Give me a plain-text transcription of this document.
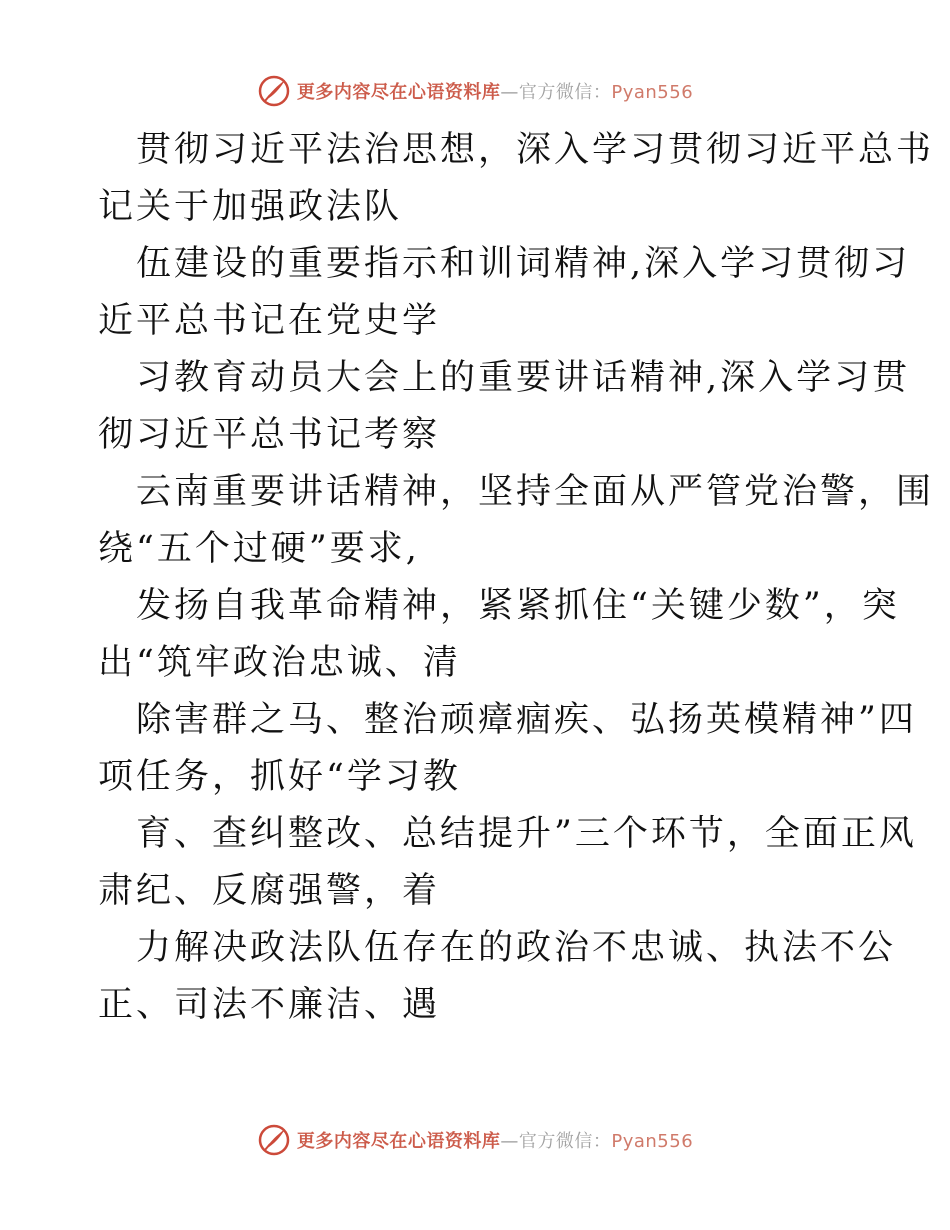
更多内容尽在心语资料库—官方微信：Pyan556
贯彻习近平法治思想，深入学习贯彻习近平总书
记关于加强政法队
伍建设的重要指示和训词精神,深入学习贯彻习
近平总书记在党史学
习教育动员大会上的重要讲话精神,深入学习贯
彻习近平总书记考察
云南重要讲话精神，坚持全面从严管党治警，围
绕“五个过硬”要求,
发扬自我革命精神，紧紧抓住“关键少数”，突
出“筑牢政治忠诚、清
除害群之马、整治顽瘴痼疾、弘扬英模精神”四
项任务，抓好“学习教
育、查纠整改、总结提升”三个环节，全面正风
肃纪、反腐强警，着
力解决政法队伍存在的政治不忠诚、执法不公
正、司法不廉洁、遇
更多内容尽在心语资料库—官方微信：Pyan556
